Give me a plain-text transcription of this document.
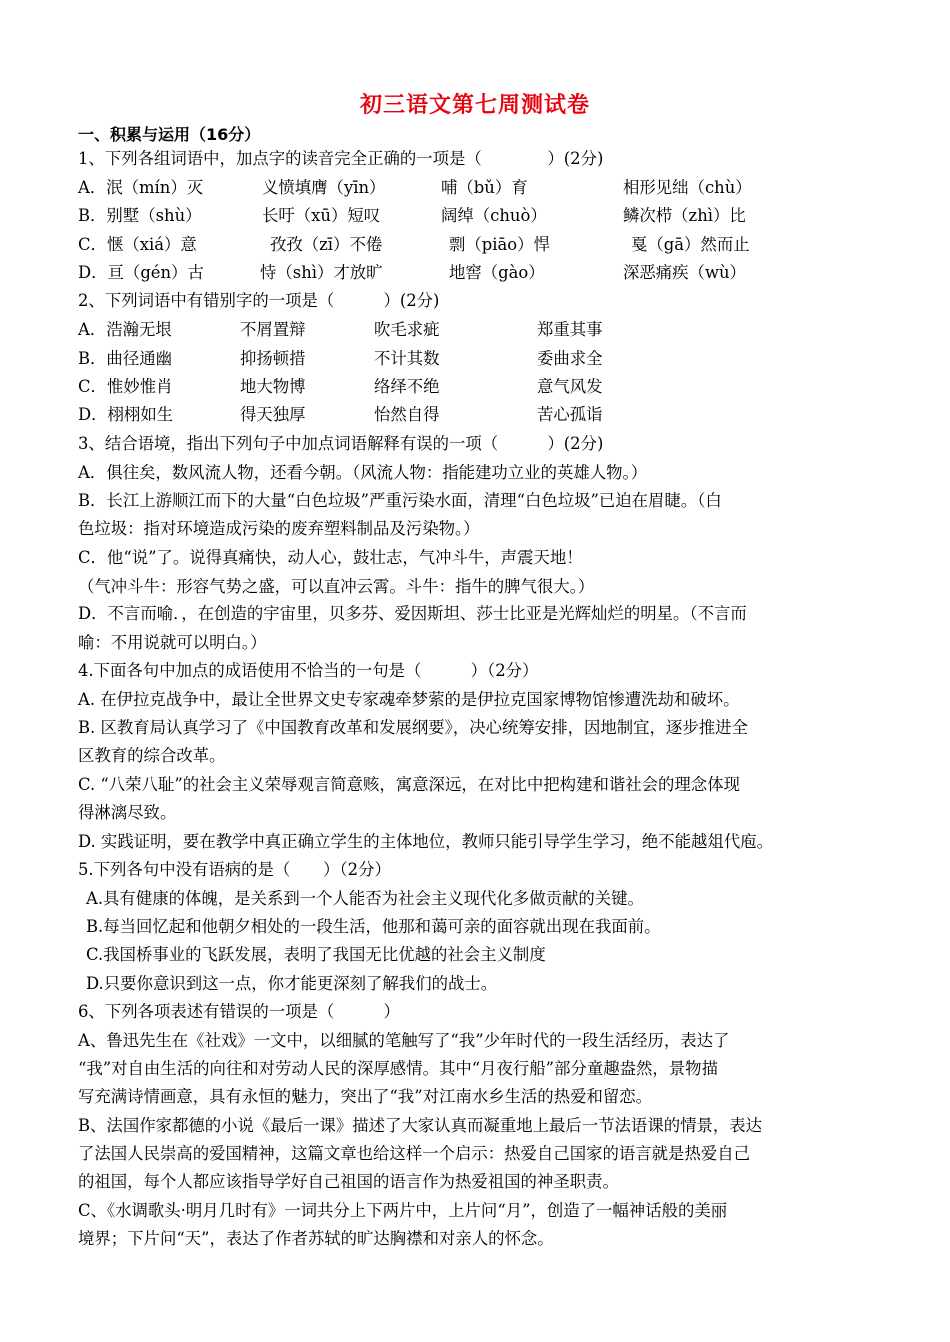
初三语文第七周测试卷
一、积累与运用（16分）
1、下列各组词语中，加点字的读音完全正确的一项是（　　　　）(2分)
A．泯（mín）灭	义愤填膺（yīn）	哺（bǔ）育	相形见绌（chù）
B．别墅（shù）	长吁（xū）短叹	阔绰（chuò）	鳞次栉（zhì）比
C．惬（xiá）意	孜孜（zī）不倦	剽（piāo）悍	戛（gā）然而止
D．亘（gén）古	恃（shì）才放旷	地窖（gào）	深恶痛疾（wù）
2、下列词语中有错别字的一项是（　　　）(2分)
A．浩瀚无垠	不屑置辩	吹毛求疵	郑重其事
B．曲径通幽	抑扬顿措	不计其数	委曲求全
C．惟妙惟肖	地大物博	络绎不绝	意气风发
D．栩栩如生	得天独厚	怡然自得	苦心孤诣
3、结合语境，指出下列句子中加点词语解释有误的一项（　　　）(2分)
A．俱往矣，数风流人物，还看今朝。（风流人物：指能建功立业的英雄人物。）
B．长江上游顺江而下的大量“白色垃圾”严重污染水面，清理“白色垃圾”已迫在眉睫。（白
色垃圾：指对环境造成污染的废弃塑料制品及污染物。）
C．他“说”了。说得真痛快，动人心，鼓壮志，气冲斗牛，声震天地！
（气冲斗牛：形容气势之盛，可以直冲云霄。斗牛：指牛的脾气很大。）
D．不言而喻．，在创造的宇宙里，贝多芬、爱因斯坦、莎士比亚是光辉灿烂的明星。（不言而
喻：不用说就可以明白。）
4.下面各句中加点的成语使用不恰当的一句是（　　　）（2分）
A. 在伊拉克战争中，最让全世界文史专家魂牵梦萦的是伊拉克国家博物馆惨遭洗劫和破坏。
B. 区教育局认真学习了《中国教育改革和发展纲要》，决心统筹安排，因地制宜，逐步推进全
区教育的综合改革。
C. “八荣八耻”的社会主义荣辱观言简意赅，寓意深远，在对比中把构建和谐社会的理念体现
得淋漓尽致。
D. 实践证明，要在教学中真正确立学生的主体地位，教师只能引导学生学习，绝不能越俎代庖。
5.下列各句中没有语病的是（　　）（2分）
A.具有健康的体魄，是关系到一个人能否为社会主义现代化多做贡献的关键。
B.每当回忆起和他朝夕相处的一段生活，他那和蔼可亲的面容就出现在我面前。
C.我国桥事业的飞跃发展，表明了我国无比优越的社会主义制度
D.只要你意识到这一点，你才能更深刻了解我们的战士。
6、下列各项表述有错误的一项是（　　　）
A、鲁迅先生在《社戏》一文中，以细腻的笔触写了“我”少年时代的一段生活经历，表达了
“我”对自由生活的向往和对劳动人民的深厚感情。其中“月夜行船”部分童趣盎然，景物描
写充满诗情画意，具有永恒的魅力，突出了“我”对江南水乡生活的热爱和留恋。
B、法国作家都德的小说《最后一课》描述了大家认真而凝重地上最后一节法语课的情景，表达
了法国人民崇高的爱国精神，这篇文章也给这样一个启示：热爱自己国家的语言就是热爱自己
的祖国，每个人都应该指导学好自己祖国的语言作为热爱祖国的神圣职责。
C、《水调歌头·明月几时有》一词共分上下两片中，上片问“月”，创造了一幅神话般的美丽
境界；下片问“天”，表达了作者苏轼的旷达胸襟和对亲人的怀念。
